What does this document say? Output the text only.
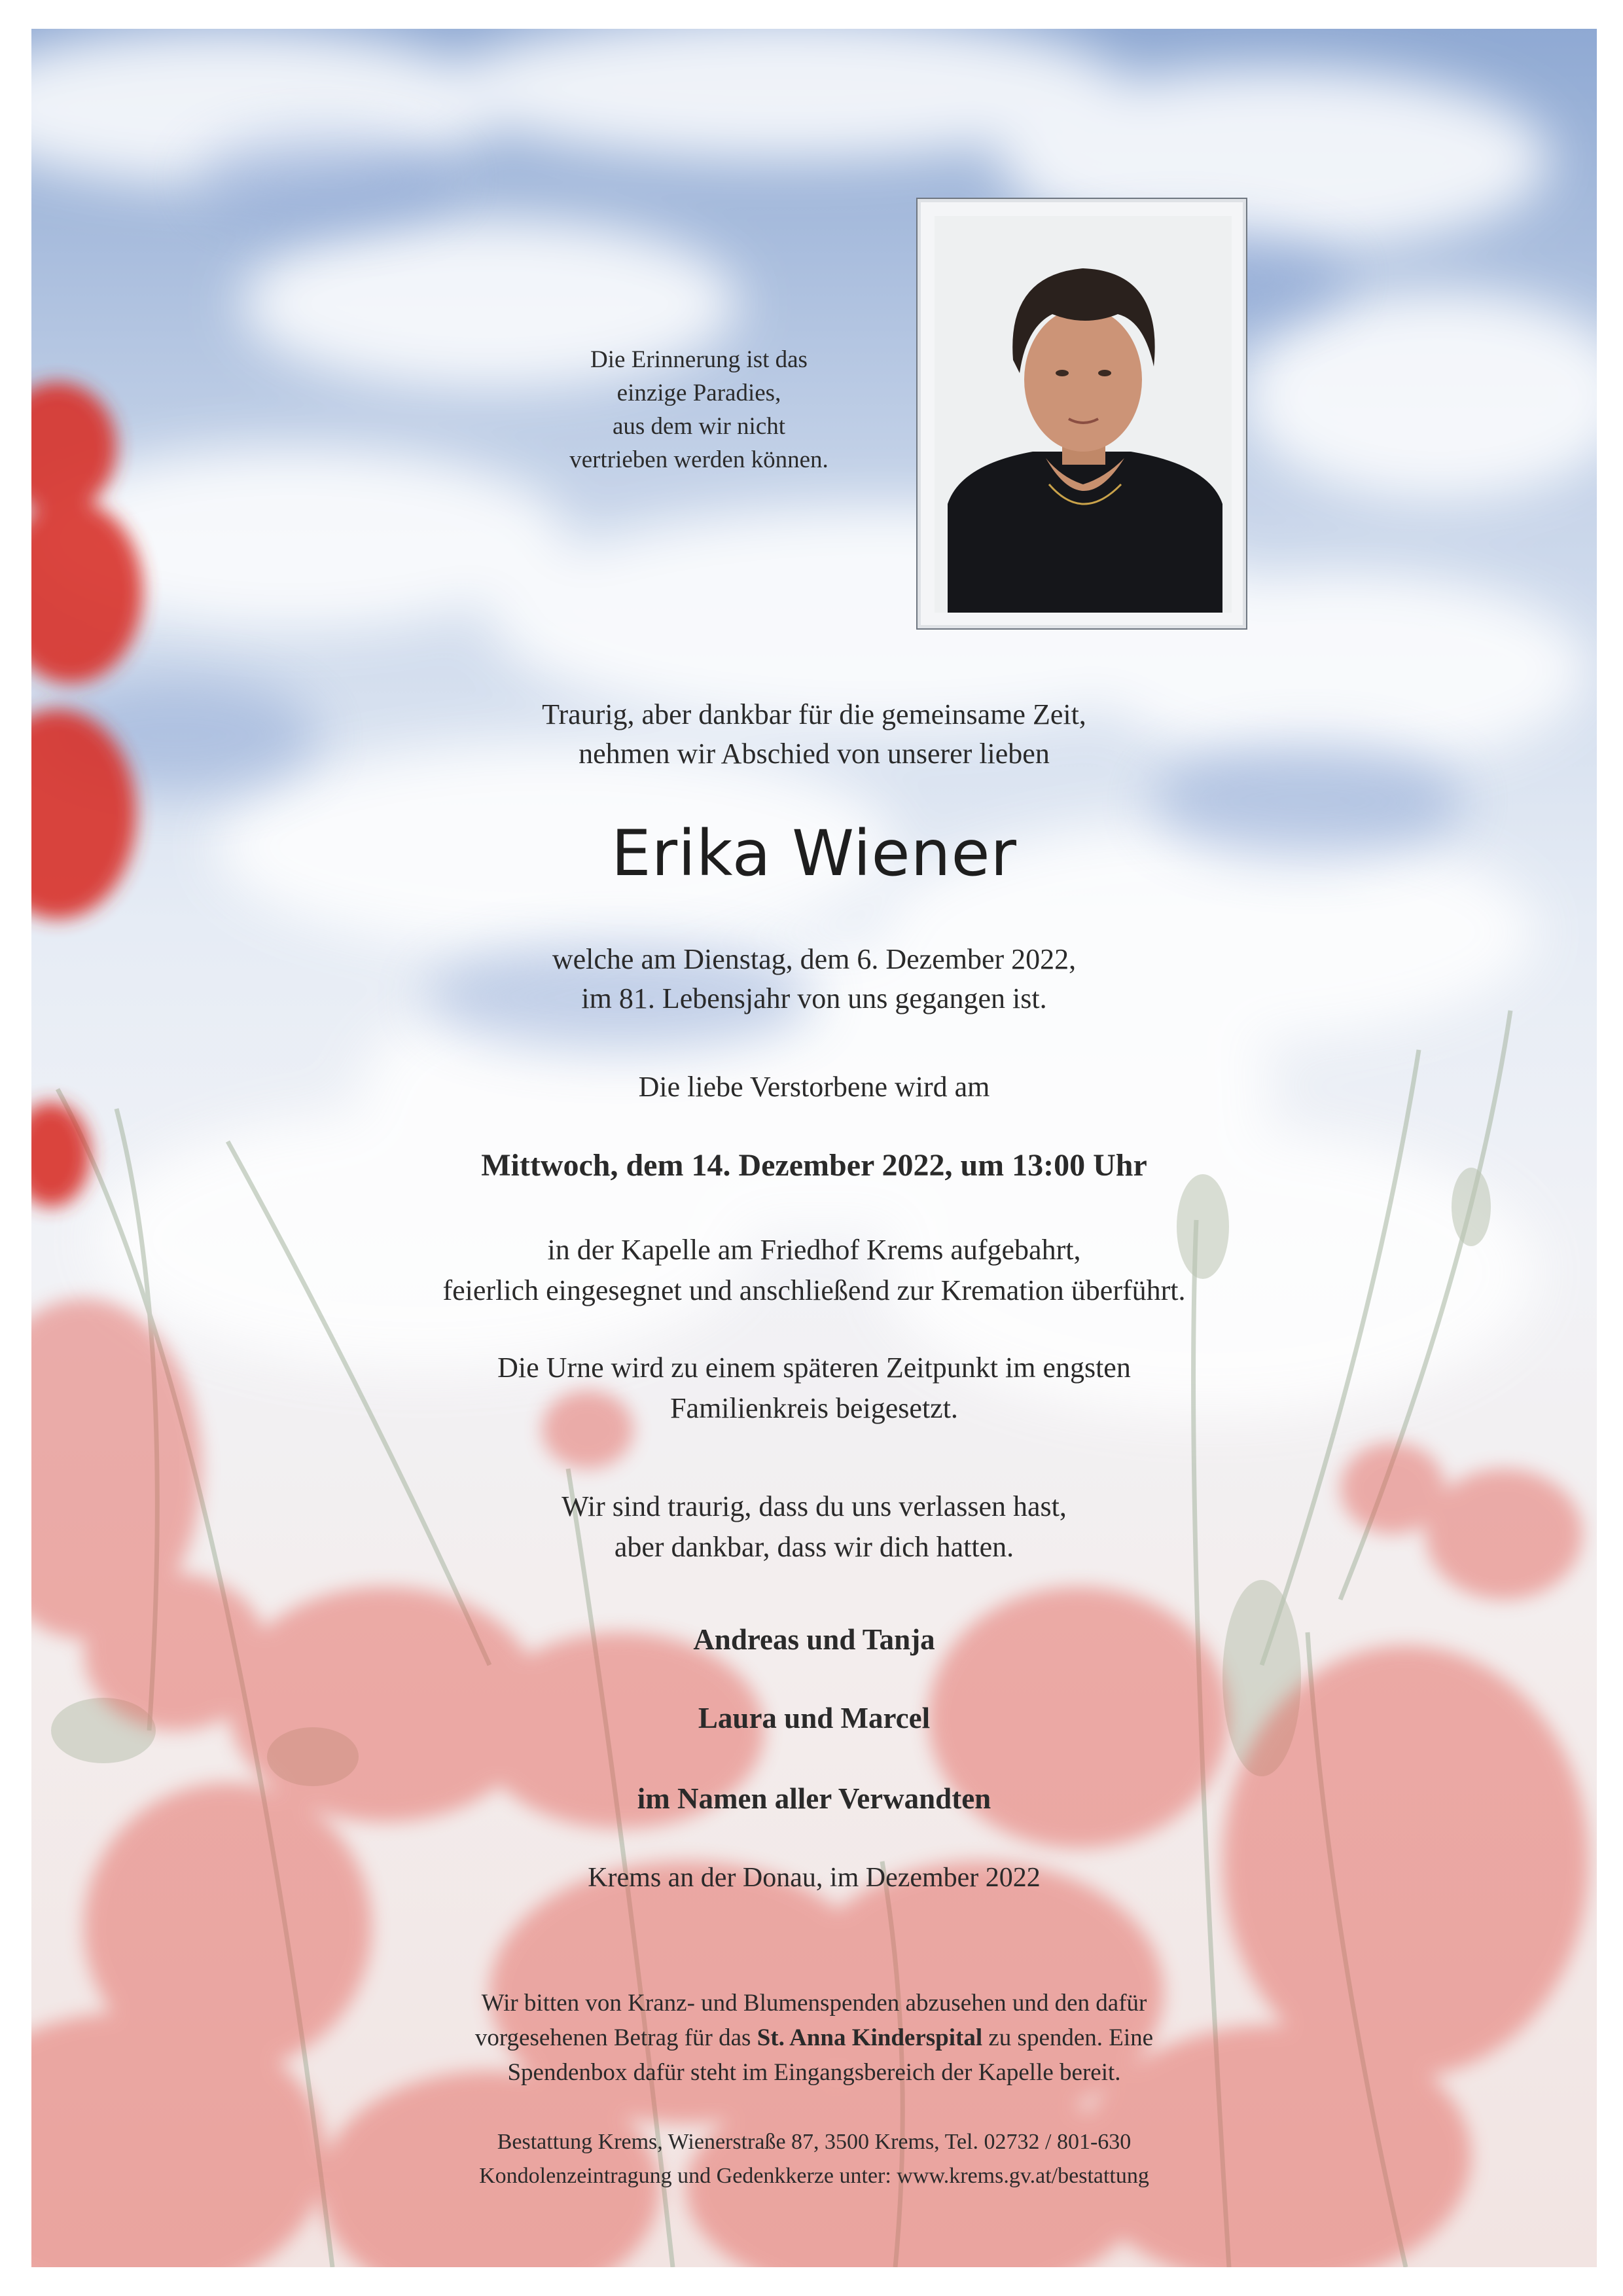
Die Erinnerung ist das
einzige Paradies,
aus dem wir nicht
vertrieben werden können.
Traurig, aber dankbar für die gemeinsame Zeit,
nehmen wir Abschied von unserer lieben
Erika Wiener
welche am Dienstag, dem 6. Dezember 2022,
im 81. Lebensjahr von uns gegangen ist.
Die liebe Verstorbene wird am
Mittwoch, dem 14. Dezember 2022, um 13:00 Uhr
in der Kapelle am Friedhof Krems aufgebahrt,
feierlich eingesegnet und anschließend zur Kremation überführt.
Die Urne wird zu einem späteren Zeitpunkt im engsten
Familienkreis beigesetzt.
Wir sind traurig, dass du uns verlassen hast,
aber dankbar, dass wir dich hatten.
Andreas und Tanja
Laura und Marcel
im Namen aller Verwandten
Krems an der Donau, im Dezember 2022
Wir bitten von Kranz- und Blumenspenden abzusehen und den dafür
vorgesehenen Betrag für das St. Anna Kinderspital zu spenden. Eine
Spendenbox dafür steht im Eingangsbereich der Kapelle bereit.
Bestattung Krems, Wienerstraße 87, 3500 Krems, Tel. 02732 / 801-630
Kondolenzeintragung und Gedenkkerze unter: www.krems.gv.at/bestattung
